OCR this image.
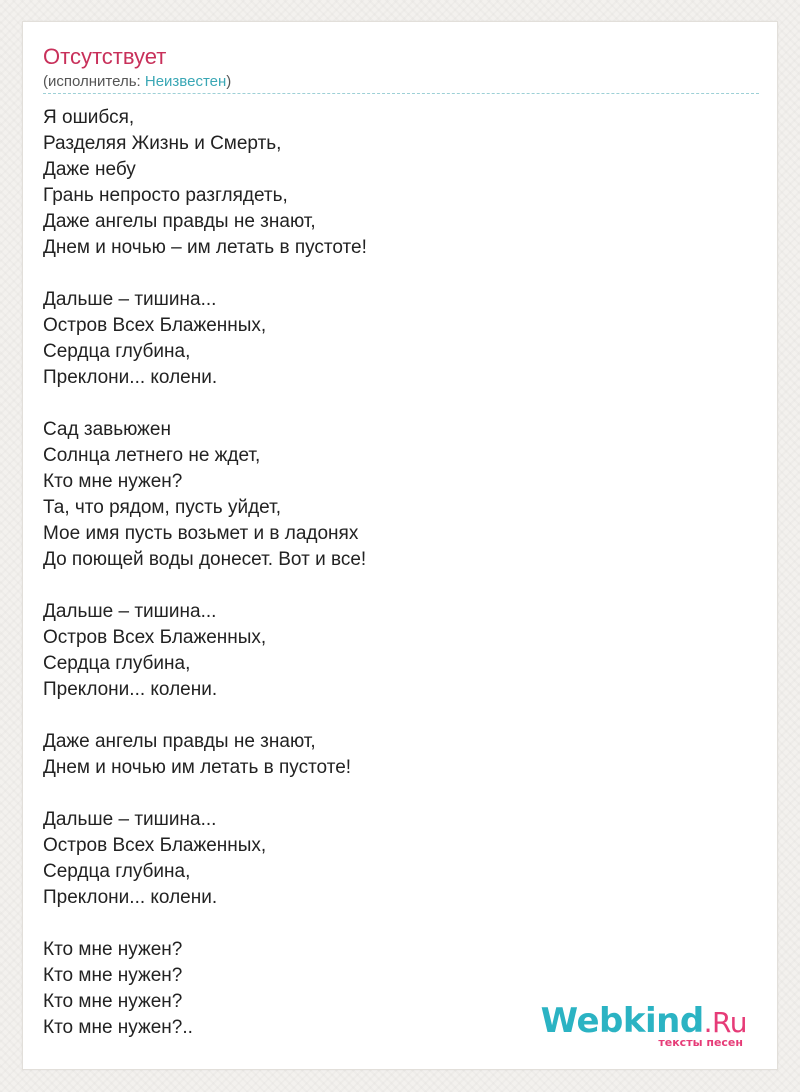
Отсутствует
(исполнитель: Неизвестен)
Я ошибся,
Разделяя Жизнь и Смерть,
Даже небу
Грань непросто разглядеть,
Даже ангелы правды не знают,
Днем и ночью – им летать в пустоте!
Дальше – тишина...
Остров Всех Блаженных,
Сердца глубина,
Преклони... колени.
Сад завьюжен
Солнца летнего не ждет,
Кто мне нужен?
Та, что рядом, пусть уйдет,
Мое имя пусть возьмет и в ладонях
До поющей воды донесет. Вот и все!
Дальше – тишина...
Остров Всех Блаженных,
Сердца глубина,
Преклони... колени.
Даже ангелы правды не знают,
Днем и ночью им летать в пустоте!
Дальше – тишина...
Остров Всех Блаженных,
Сердца глубина,
Преклони... колени.
Кто мне нужен?
Кто мне нужен?
Кто мне нужен?
Кто мне нужен?..	Webkind.Ru
тексты песен
